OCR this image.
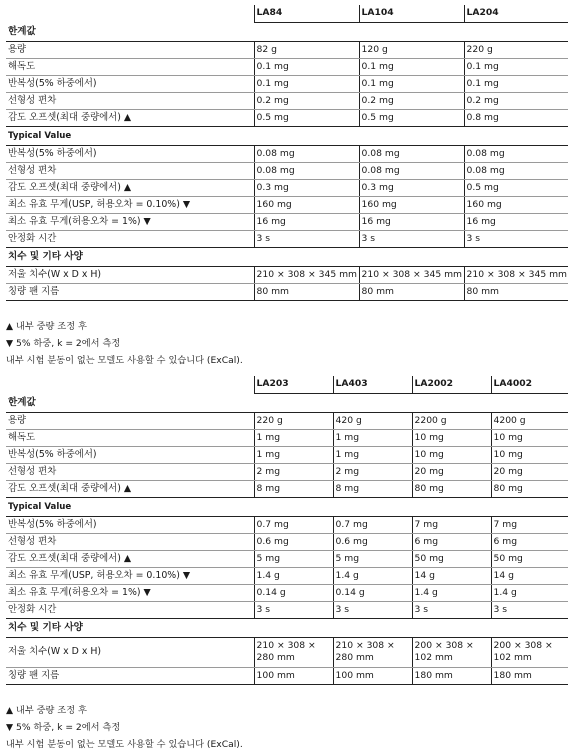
	LA84	LA104	LA204
한계값			
용량	82 g	120 g	220 g
해독도	0.1 mg	0.1 mg	0.1 mg
반복성(5% 하중에서)	0.1 mg	0.1 mg	0.1 mg
선형성 편차	0.2 mg	0.2 mg	0.2 mg
감도 오프셋(최대 중량에서) ▲	0.5 mg	0.5 mg	0.8 mg
Typical Value			
반복성(5% 하중에서)	0.08 mg	0.08 mg	0.08 mg
선형성 편차	0.08 mg	0.08 mg	0.08 mg
감도 오프셋(최대 중량에서) ▲	0.3 mg	0.3 mg	0.5 mg
최소 유효 무게(USP, 허용오차 = 0.10%) ▼	160 mg	160 mg	160 mg
최소 유효 무게(허용오차 = 1%) ▼	16 mg	16 mg	16 mg
안정화 시간	3 s	3 s	3 s
치수 및 기타 사양			
저울 치수(W x D x H)	210 × 308 × 345 mm	210 × 308 × 345 mm	210 × 308 × 345 mm
칭량 팬 지름	80 mm	80 mm	80 mm
▲ 내부 중량 조정 후
▼ 5% 하중, k = 2에서 측정
내부 시험 분동이 없는 모델도 사용할 수 있습니다 (ExCal).
	LA203	LA403	LA2002	LA4002
한계값				
용량	220 g	420 g	2200 g	4200 g
해독도	1 mg	1 mg	10 mg	10 mg
반복성(5% 하중에서)	1 mg	1 mg	10 mg	10 mg
선형성 편차	2 mg	2 mg	20 mg	20 mg
감도 오프셋(최대 중량에서) ▲	8 mg	8 mg	80 mg	80 mg
Typical Value				
반복성(5% 하중에서)	0.7 mg	0.7 mg	7 mg	7 mg
선형성 편차	0.6 mg	0.6 mg	6 mg	6 mg
감도 오프셋(최대 중량에서) ▲	5 mg	5 mg	50 mg	50 mg
최소 유효 무게(USP, 허용오차 = 0.10%) ▼	1.4 g	1.4 g	14 g	14 g
최소 유효 무게(허용오차 = 1%) ▼	0.14 g	0.14 g	1.4 g	1.4 g
안정화 시간	3 s	3 s	3 s	3 s
치수 및 기타 사양				
저울 치수(W x D x H)	210 × 308 × 280 mm	210 × 308 × 280 mm	200 × 308 × 102 mm	200 × 308 × 102 mm
칭량 팬 지름	100 mm	100 mm	180 mm	180 mm
▲ 내부 중량 조정 후
▼ 5% 하중, k = 2에서 측정
내부 시험 분동이 없는 모델도 사용할 수 있습니다 (ExCal).
